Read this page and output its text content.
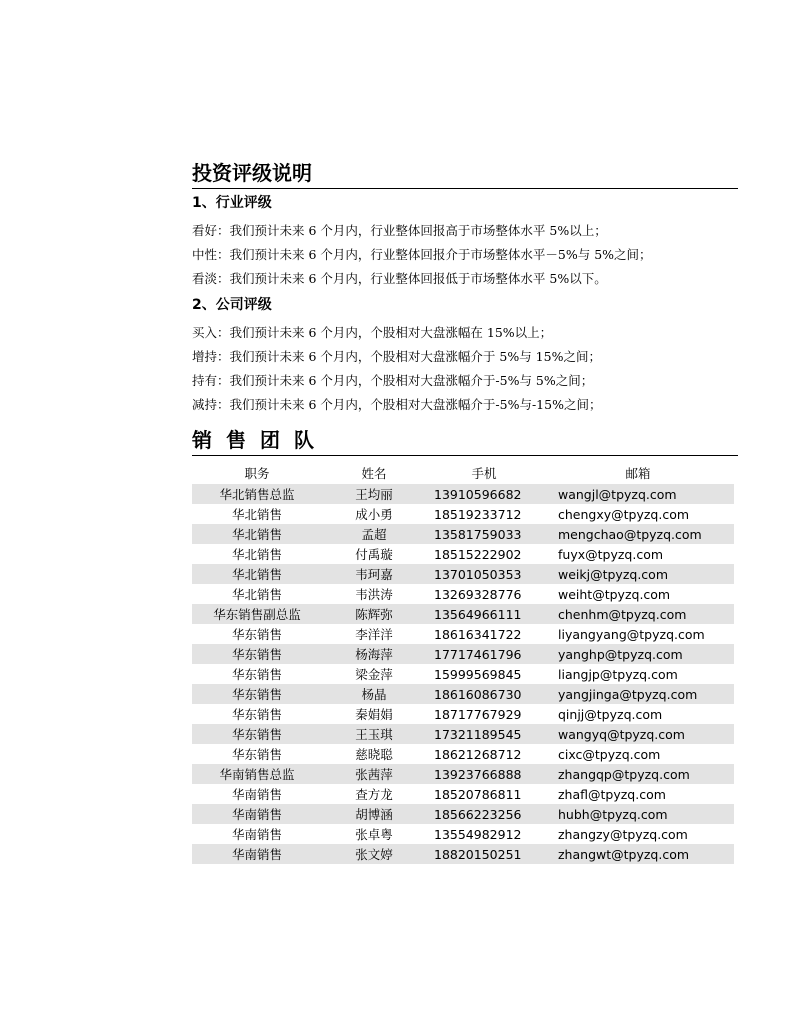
投资评级说明
1、行业评级

看好：我们预计未来 6 个月内，行业整体回报高于市场整体水平 5%以上；

中性：我们预计未来 6 个月内，行业整体回报介于市场整体水平－5%与 5%之间；

看淡：我们预计未来 6 个月内，行业整体回报低于市场整体水平 5%以下。

2、公司评级

买入：我们预计未来 6 个月内，个股相对大盘涨幅在 15%以上；

增持：我们预计未来 6 个月内，个股相对大盘涨幅介于 5%与 15%之间；

持有：我们预计未来 6 个月内，个股相对大盘涨幅介于-5%与 5%之间；

减持：我们预计未来 6 个月内，个股相对大盘涨幅介于-5%与-15%之间；

销售团队
职务	姓名	手机	邮箱
华北销售总监	王均丽	13910596682	wangjl@tpyzq.com
华北销售	成小勇	18519233712	chengxy@tpyzq.com
华北销售	孟超	13581759033	mengchao@tpyzq.com
华北销售	付禹璇	18515222902	fuyx@tpyzq.com
华北销售	韦珂嘉	13701050353	weikj@tpyzq.com
华北销售	韦洪涛	13269328776	weiht@tpyzq.com
华东销售副总监	陈辉弥	13564966111	chenhm@tpyzq.com
华东销售	李洋洋	18616341722	liyangyang@tpyzq.com
华东销售	杨海萍	17717461796	yanghp@tpyzq.com
华东销售	梁金萍	15999569845	liangjp@tpyzq.com
华东销售	杨晶	18616086730	yangjinga@tpyzq.com
华东销售	秦娟娟	18717767929	qinjj@tpyzq.com
华东销售	王玉琪	17321189545	wangyq@tpyzq.com
华东销售	慈晓聪	18621268712	cixc@tpyzq.com
华南销售总监	张茜萍	13923766888	zhangqp@tpyzq.com
华南销售	查方龙	18520786811	zhafl@tpyzq.com
华南销售	胡博涵	18566223256	hubh@tpyzq.com
华南销售	张卓粤	13554982912	zhangzy@tpyzq.com
华南销售	张文婷	18820150251	zhangwt@tpyzq.com
